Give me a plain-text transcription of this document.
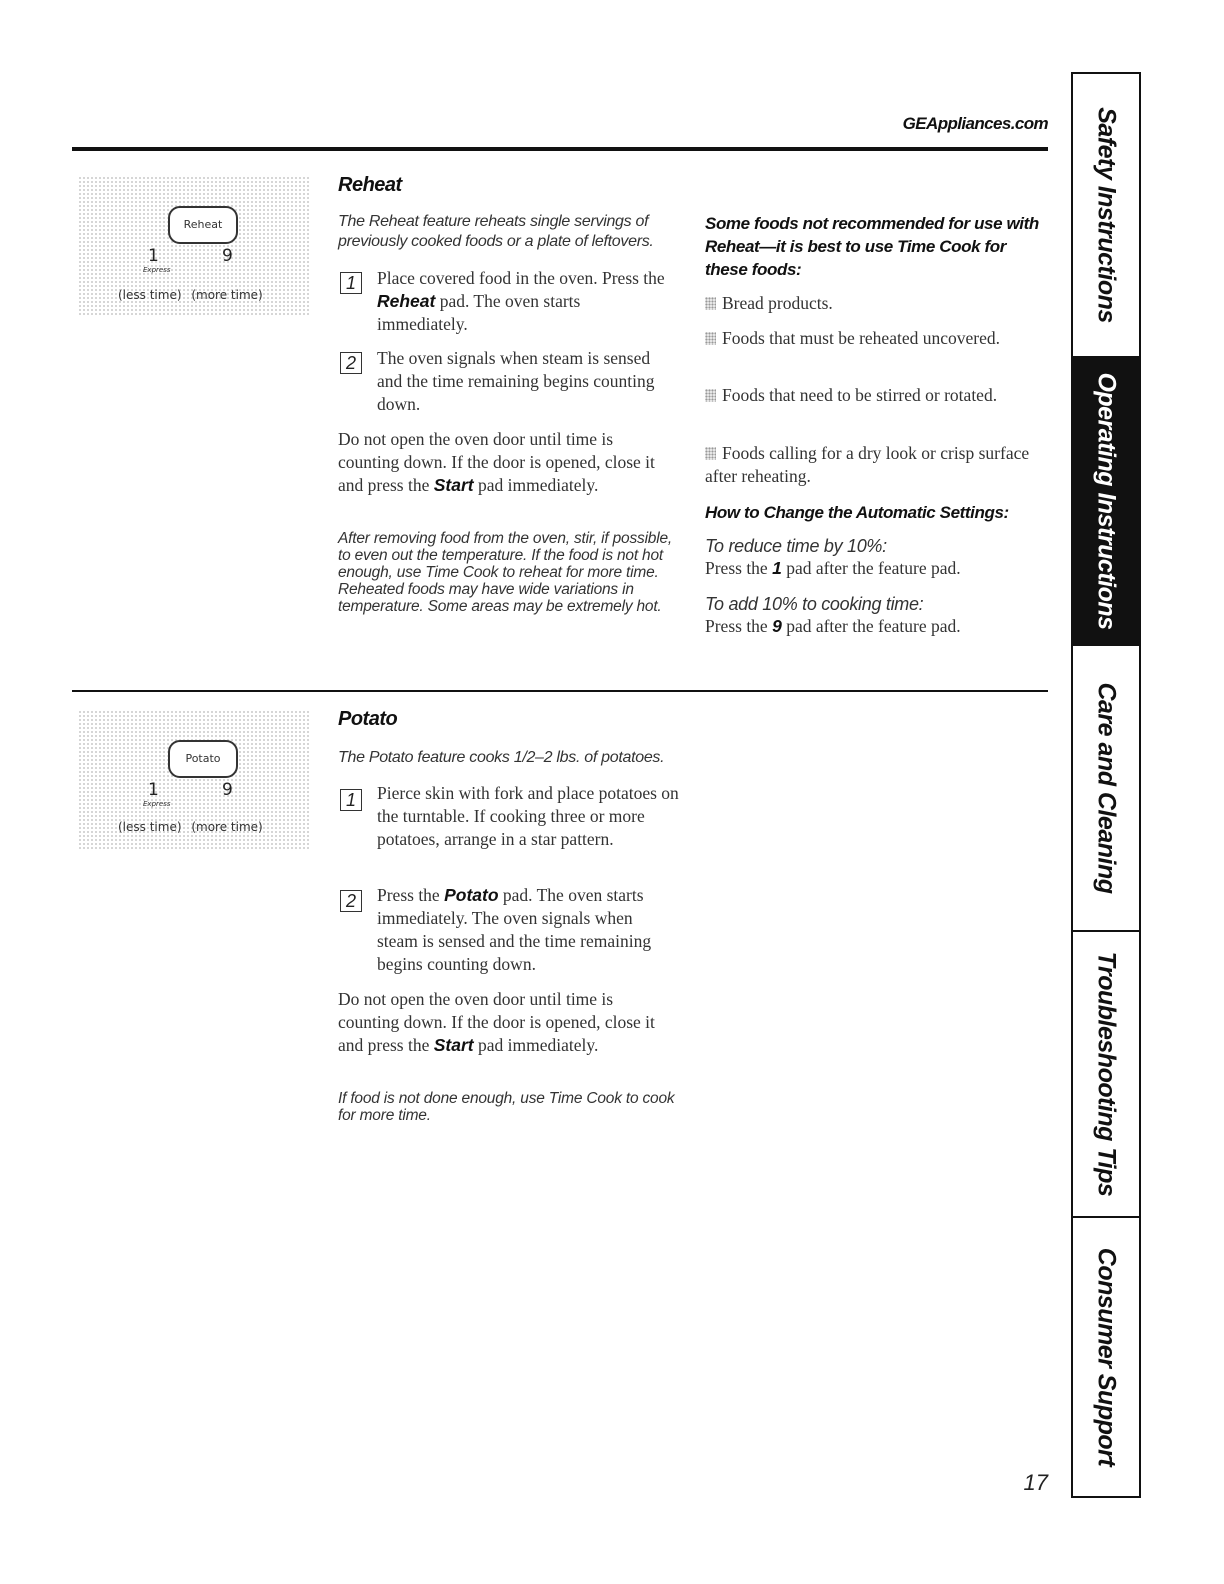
GEAppliances.com
Reheat
1	9
Express
(less time) (more time)
Reheat
The Reheat feature reheats single servings of previously cooked foods or a plate of leftovers.
1	Place covered food in the oven. Press the Reheat pad. The oven starts immediately.
2	The oven signals when steam is sensed and the time remaining begins counting down.
Do not open the oven door until time is counting down. If the door is opened, close it and press the Start pad immediately.
After removing food from the oven, stir, if possible, to even out the temperature. If the food is not hot enough, use Time Cook to reheat for more time. Reheated foods may have wide variations in temperature. Some areas may be extremely hot.
Some foods not recommended for use with Reheat—it is best to use Time Cook for these foods:
Bread products.
Foods that must be reheated uncovered.
Foods that need to be stirred or rotated.
Foods calling for a dry look or crisp surface after reheating.
How to Change the Automatic Settings:
To reduce time by 10%:
Press the 1 pad after the feature pad.
To add 10% to cooking time:
Press the 9 pad after the feature pad.
Potato
1	9
Express
(less time) (more time)
Potato
The Potato feature cooks 1/2–2 lbs. of potatoes.
1	Pierce skin with fork and place potatoes on the turntable. If cooking three or more potatoes, arrange in a star pattern.
2	Press the Potato pad. The oven starts immediately. The oven signals when steam is sensed and the time remaining begins counting down.
Do not open the oven door until time is counting down. If the door is opened, close it and press the Start pad immediately.
If food is not done enough, use Time Cook to cook for more time.
Safety Instructions
Operating Instructions
Care and Cleaning
Troubleshooting Tips
Consumer Support
17
